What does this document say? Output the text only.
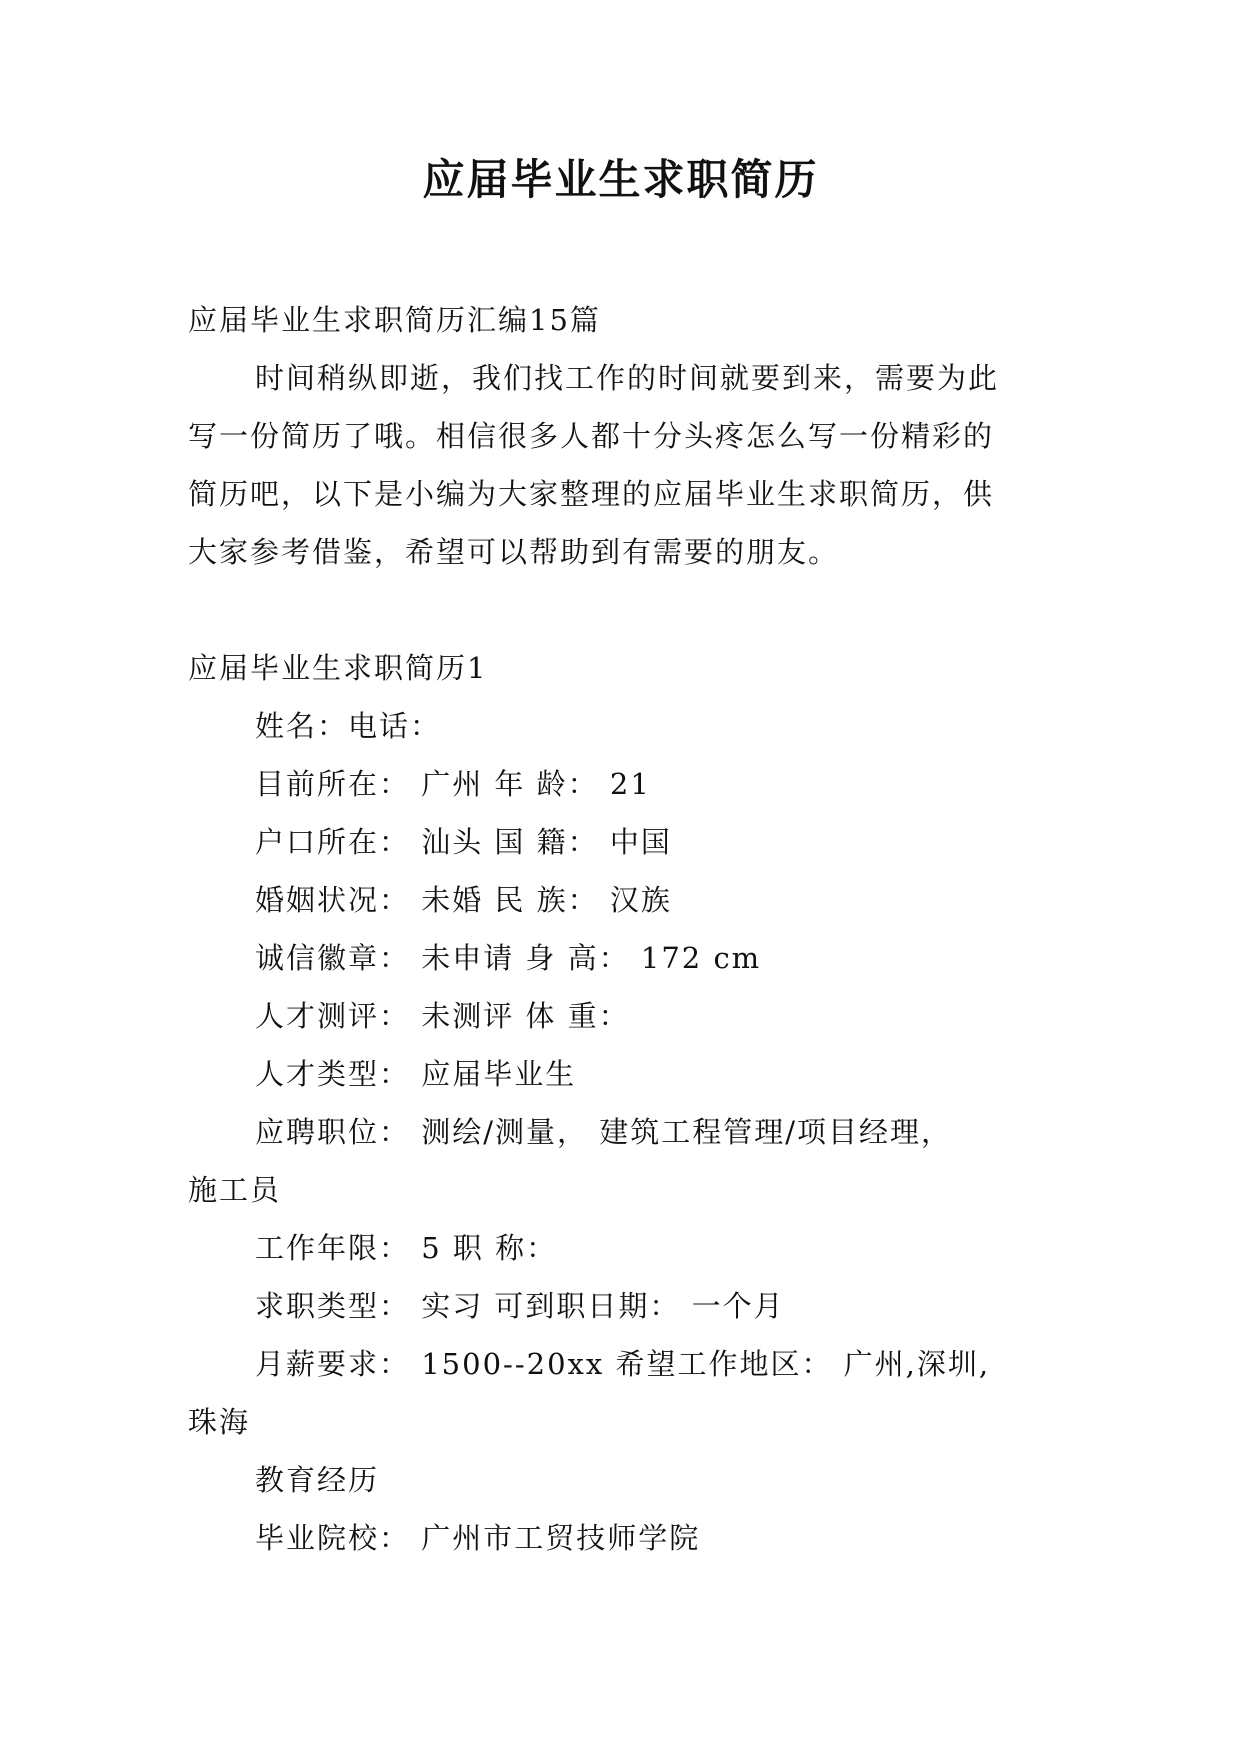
应届毕业生求职简历
应届毕业生求职简历汇编15篇
时间稍纵即逝，我们找工作的时间就要到来，需要为此
写一份简历了哦。相信很多人都十分头疼怎么写一份精彩的
简历吧，以下是小编为大家整理的应届毕业生求职简历，供
大家参考借鉴，希望可以帮助到有需要的朋友。
应届毕业生求职简历1
姓名：电话：
目前所在： 广州 年 龄： 21
户口所在： 汕头 国 籍： 中国
婚姻状况： 未婚 民 族： 汉族
诚信徽章： 未申请 身 高： 172 cm
人才测评： 未测评 体 重：
人才类型： 应届毕业生
应聘职位： 测绘/测量， 建筑工程管理/项目经理，
施工员
工作年限： 5 职 称：
求职类型： 实习 可到职日期： 一个月
月薪要求： 1500--20xx 希望工作地区： 广州,深圳,
珠海
教育经历
毕业院校： 广州市工贸技师学院
